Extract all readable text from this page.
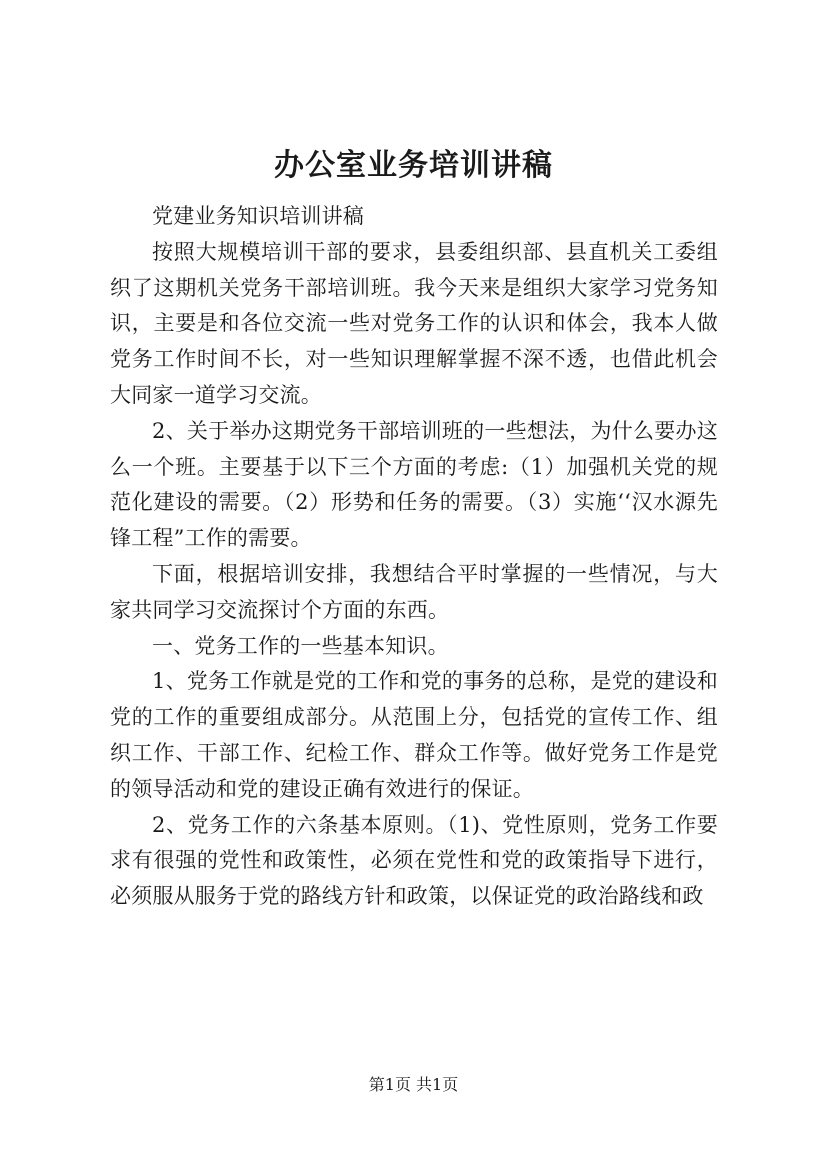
办公室业务培训讲稿

党建业务知识培训讲稿

按照大规模培训干部的要求，县委组织部、县直机关工委组织了这期机关党务干部培训班。我今天来是组织大家学习党务知识，主要是和各位交流一些对党务工作的认识和体会，我本人做党务工作时间不长，对一些知识理解掌握不深不透，也借此机会大同家一道学习交流。

2、关于举办这期党务干部培训班的一些想法，为什么要办这么一个班。主要基于以下三个方面的考虑:（1）加强机关党的规范化建设的需要。（2）形势和任务的需要。（3）实施‘‘汉水源先锋工程”工作的需要。

下面，根据培训安排，我想结合平时掌握的一些情况，与大家共同学习交流探讨个方面的东西。

一、党务工作的一些基本知识。

1、党务工作就是党的工作和党的事务的总称，是党的建设和党的工作的重要组成部分。从范围上分，包括党的宣传工作、组织工作、干部工作、纪检工作、群众工作等。做好党务工作是党的领导活动和党的建设正确有效进行的保证。

2、党务工作的六条基本原则。（1)、党性原则，党务工作要求有很强的党性和政策性，必须在党性和党的政策指导下进行，必须服从服务于党的路线方针和政策，以保证党的政治路线和政

第1页 共1页
